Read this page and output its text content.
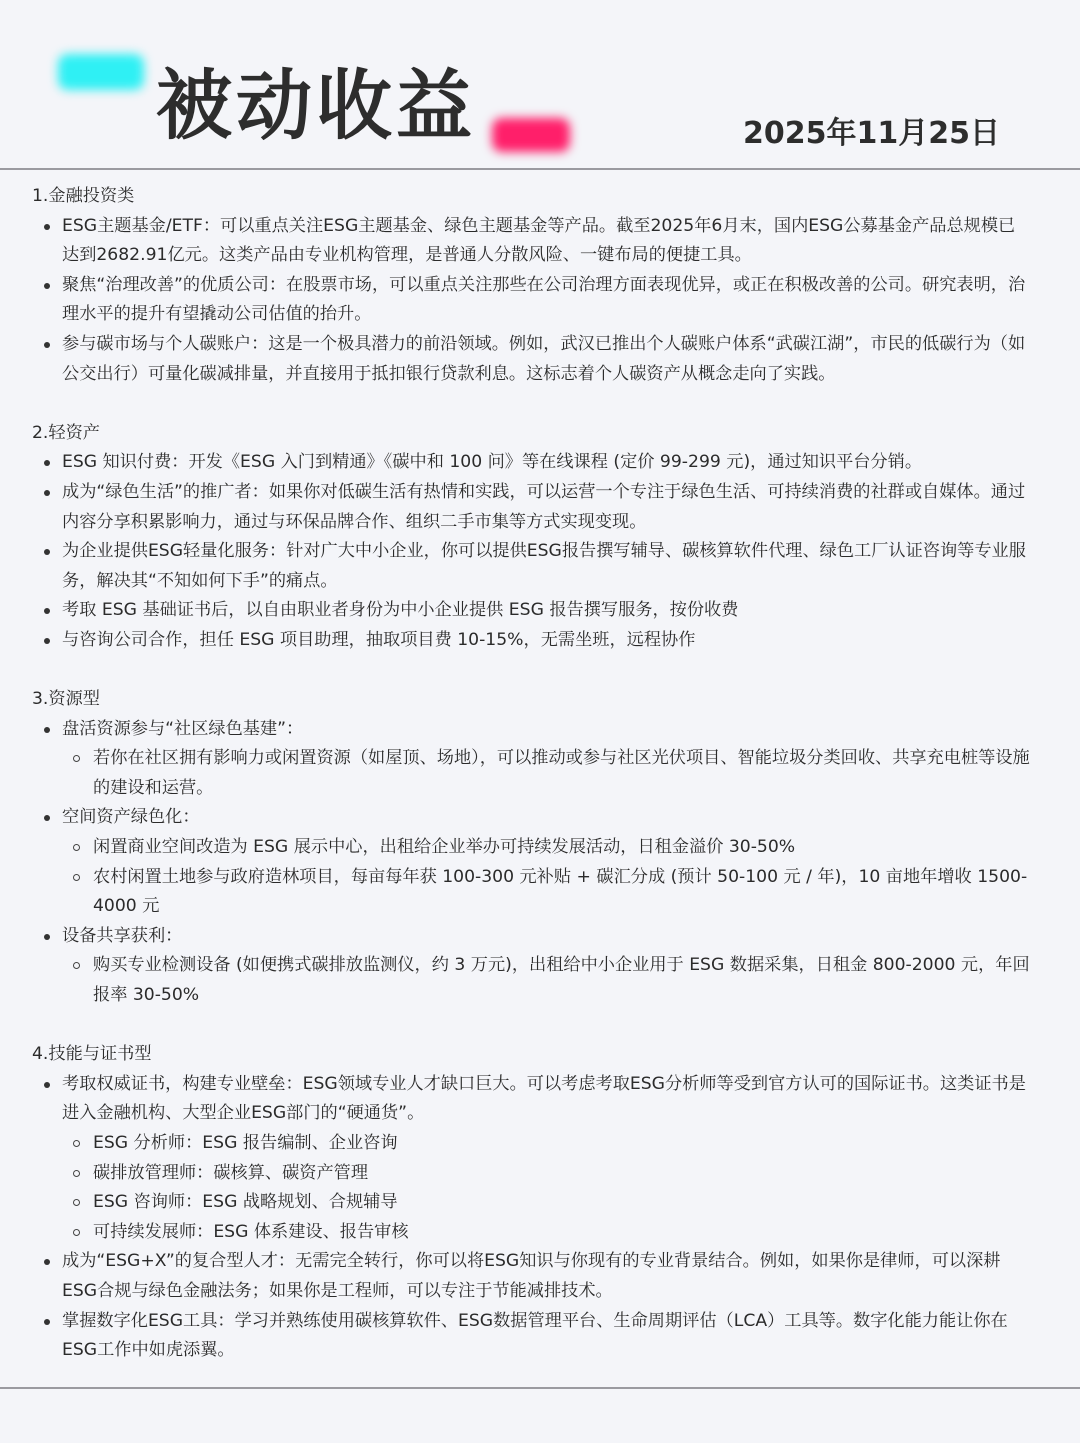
被动收益	2025年11月25日
1.金融投资类
ESG主题基金/ETF：可以重点关注ESG主题基金、绿色主题基金等产品。截至2025年6月末，国内ESG公募基金产品总规模已达到2682.91亿元。这类产品由专业机构管理，是普通人分散风险、一键布局的便捷工具。
聚焦“治理改善”的优质公司：在股票市场，可以重点关注那些在公司治理方面表现优异，或正在积极改善的公司。研究表明，治理水平的提升有望撬动公司估值的抬升。
参与碳市场与个人碳账户：这是一个极具潜力的前沿领域。例如，武汉已推出个人碳账户体系“武碳江湖”，市民的低碳行为（如公交出行）可量化碳减排量，并直接用于抵扣银行贷款利息。这标志着个人碳资产从概念走向了实践。
2.轻资产
ESG 知识付费：开发《ESG 入门到精通》《碳中和 100 问》等在线课程 (定价 99-299 元)，通过知识平台分销。
成为“绿色生活”的推广者：如果你对低碳生活有热情和实践，可以运营一个专注于绿色生活、可持续消费的社群或自媒体。通过内容分享积累影响力，通过与环保品牌合作、组织二手市集等方式实现变现。
为企业提供ESG轻量化服务：针对广大中小企业，你可以提供ESG报告撰写辅导、碳核算软件代理、绿色工厂认证咨询等专业服务，解决其“不知如何下手”的痛点。
考取 ESG 基础证书后，以自由职业者身份为中小企业提供 ESG 报告撰写服务，按份收费
与咨询公司合作，担任 ESG 项目助理，抽取项目费 10-15%，无需坐班，远程协作
3.资源型
盘活资源参与“社区绿色基建”：
若你在社区拥有影响力或闲置资源（如屋顶、场地），可以推动或参与社区光伏项目、智能垃圾分类回收、共享充电桩等设施的建设和运营。
空间资产绿色化：
闲置商业空间改造为 ESG 展示中心，出租给企业举办可持续发展活动，日租金溢价 30-50%
农村闲置土地参与政府造林项目，每亩每年获 100-300 元补贴 + 碳汇分成 (预计 50-100 元 / 年)，10 亩地年增收 1500-4000 元
设备共享获利：
购买专业检测设备 (如便携式碳排放监测仪，约 3 万元)，出租给中小企业用于 ESG 数据采集，日租金 800-2000 元，年回报率 30-50%
4.技能与证书型
考取权威证书，构建专业壁垒：ESG领域专业人才缺口巨大。可以考虑考取ESG分析师等受到官方认可的国际证书。这类证书是进入金融机构、大型企业ESG部门的“硬通货”。
ESG 分析师：ESG 报告编制、企业咨询
碳排放管理师：碳核算、碳资产管理
ESG 咨询师：ESG 战略规划、合规辅导
可持续发展师：ESG 体系建设、报告审核
成为“ESG+X”的复合型人才：无需完全转行，你可以将ESG知识与你现有的专业背景结合。例如，如果你是律师，可以深耕ESG合规与绿色金融法务；如果你是工程师，可以专注于节能减排技术。
掌握数字化ESG工具：学习并熟练使用碳核算软件、ESG数据管理平台、生命周期评估（LCA）工具等。数字化能力能让你在ESG工作中如虎添翼。
